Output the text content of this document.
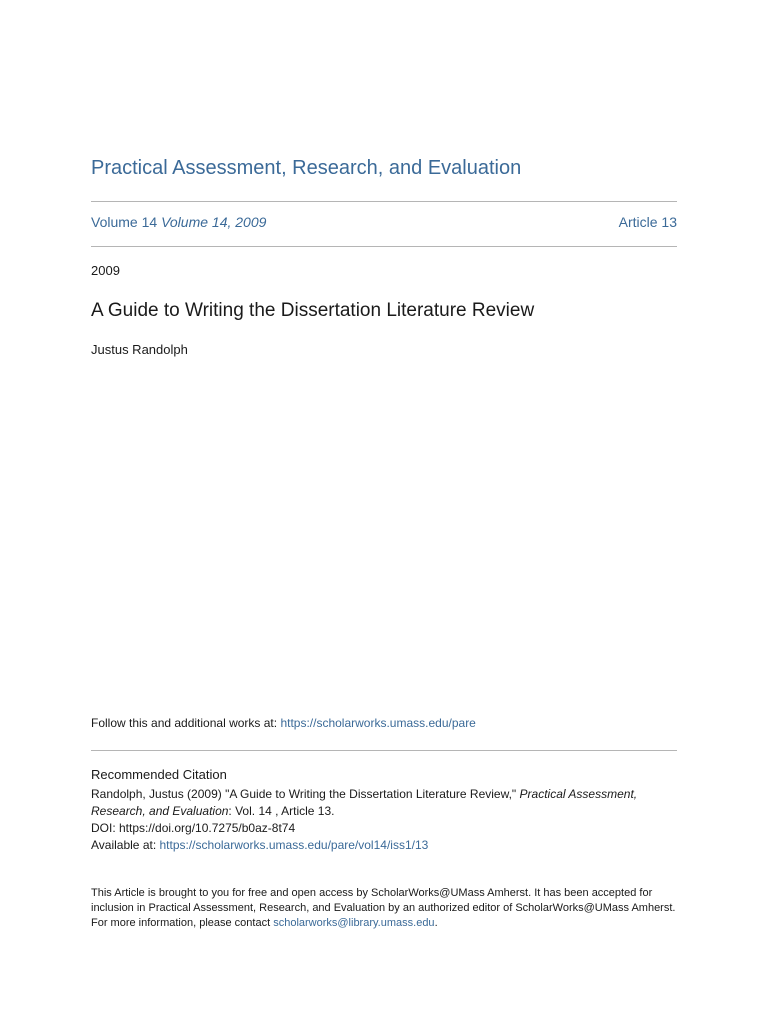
Practical Assessment, Research, and Evaluation
Volume 14 Volume 14, 2009	Article 13
2009
A Guide to Writing the Dissertation Literature Review
Justus Randolph
Follow this and additional works at: https://scholarworks.umass.edu/pare
Recommended Citation
Randolph, Justus (2009) "A Guide to Writing the Dissertation Literature Review," Practical Assessment, Research, and Evaluation: Vol. 14 , Article 13.
DOI: https://doi.org/10.7275/b0az-8t74
Available at: https://scholarworks.umass.edu/pare/vol14/iss1/13
This Article is brought to you for free and open access by ScholarWorks@UMass Amherst. It has been accepted for inclusion in Practical Assessment, Research, and Evaluation by an authorized editor of ScholarWorks@UMass Amherst. For more information, please contact scholarworks@library.umass.edu.
